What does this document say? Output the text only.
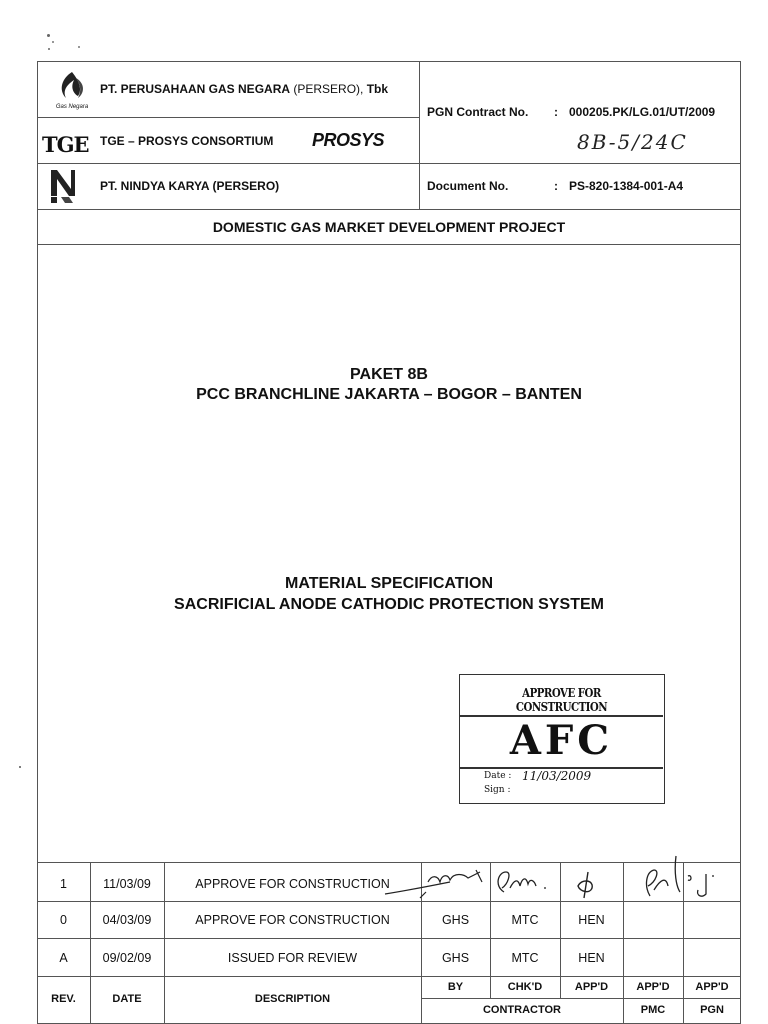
Gas Negara
PT. PERUSAHAAN GAS NEGARA (PERSERO), Tbk
TGE TGE – PROSYS CONSORTIUM PROSYS
PT. NINDYA KARYA (PERSERO)
PGN Contract No. : 000205.PK/LG.01/UT/2009
8B-5/24C
Document No.	: PS-820-1384-001-A4
DOMESTIC GAS MARKET DEVELOPMENT PROJECT
PAKET 8B
PCC BRANCHLINE JAKARTA – BOGOR – BANTEN
MATERIAL SPECIFICATION
SACRIFICIAL ANODE CATHODIC PROTECTION SYSTEM
APPROVE FOR CONSTRUCTION
AFC
Date : 11/03/2009
Sign :
1	11/03/09	APPROVE FOR CONSTRUCTION
0	04/03/09	APPROVE FOR CONSTRUCTION	GHS	MTC	HEN
A	09/02/09	ISSUED FOR REVIEW	GHS	MTC	HEN
REV.	DATE	DESCRIPTION
BY	CHK'D	APP'D	APP'D	APP'D
CONTRACTOR	PMC	PGN
